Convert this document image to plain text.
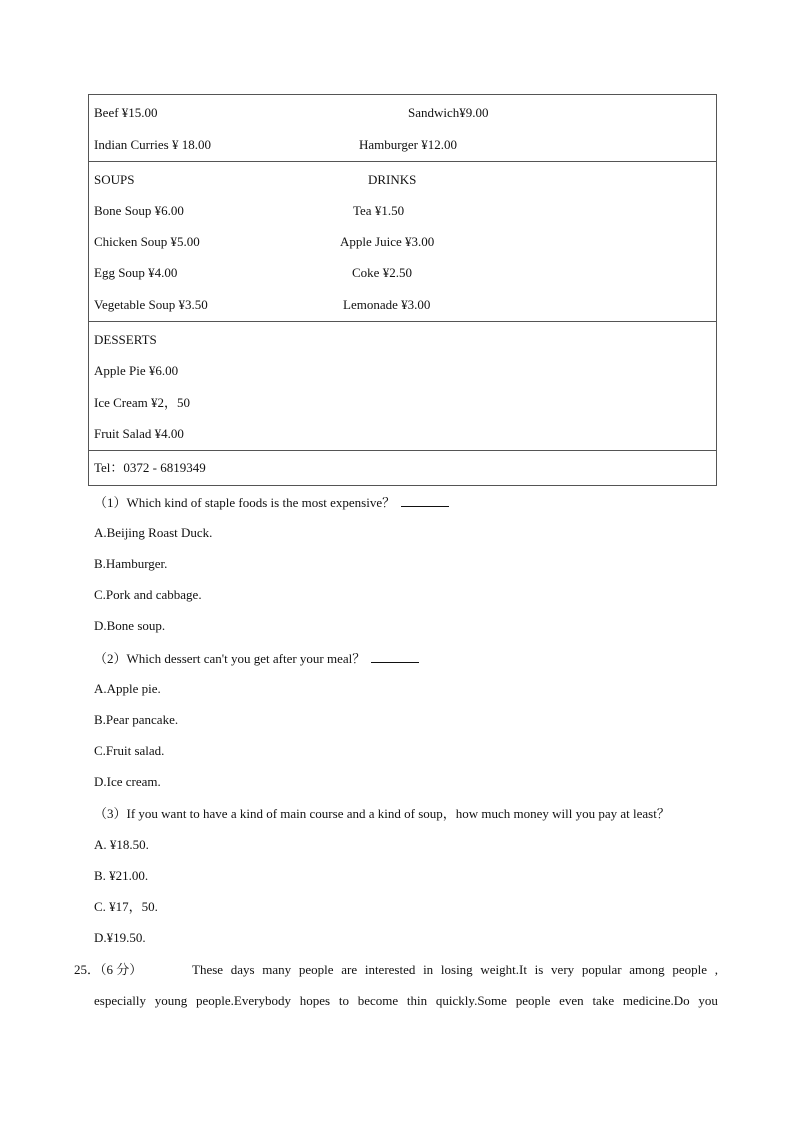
Beef ¥15.00	Sandwich¥9.00
Indian Curries ¥ 18.00	Hamburger ¥12.00

SOUPS	DRINKS
Bone Soup ¥6.00	Tea ¥1.50
Chicken Soup ¥5.00	Apple Juice ¥3.00
Egg Soup ¥4.00	Coke ¥2.50
Vegetable Soup ¥3.50	Lemonade ¥3.00

DESSERTS
Apple Pie ¥6.00
Ice Cream ¥2，50
Fruit Salad ¥4.00

Tel：0372 - 6819349
（1）Which kind of staple foods is the most expensive？
A.Beijing Roast Duck.
B.Hamburger.
C.Pork and cabbage.
D.Bone soup.
（2）Which dessert can't you get after your meal？
A.Apple pie.
B.Pear pancake.
C.Fruit salad.
D.Ice cream.
（3）If you want to have a kind of main course and a kind of soup，how much money will you pay at least？
A. ¥18.50.
B. ¥21.00.
C. ¥17，50.
D.¥19.50.
25．（6 分）	These days many people are interested in losing weight.It is very popular among people ,
especially young people.Everybody hopes to become thin quickly.Some people even take medicine.Do you
